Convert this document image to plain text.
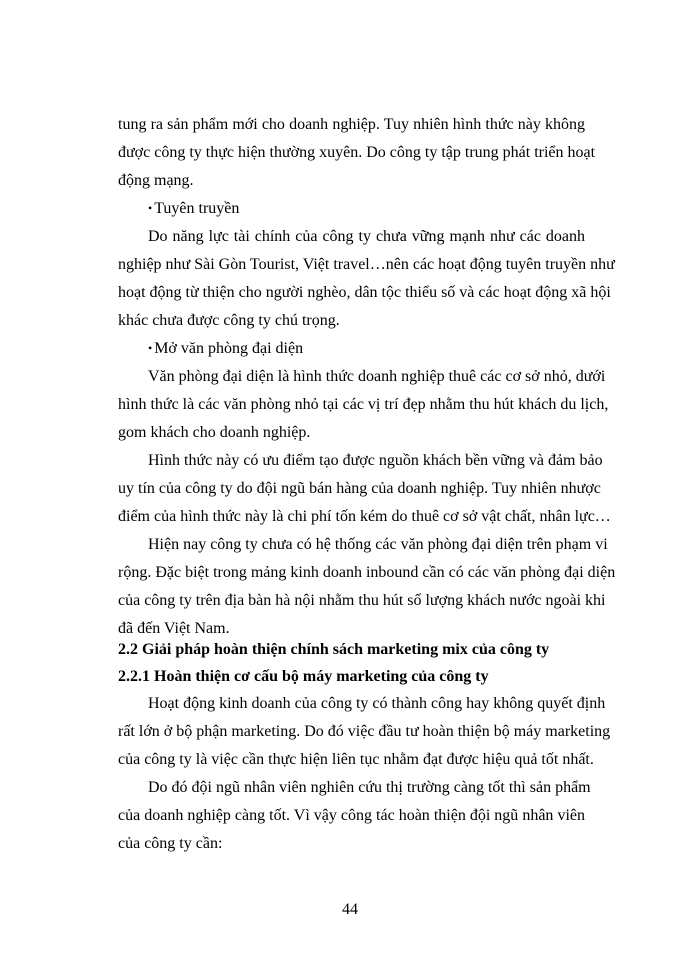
tung ra sản phẩm mới cho doanh nghiệp. Tuy nhiên hình thức này không
được công ty thực hiện thường xuyên. Do công ty tập trung phát triển hoạt
động mạng.
• Tuyên truyền
Do năng lực tài chính của công ty chưa vững mạnh như các doanh
nghiệp như Sài Gòn Tourist, Việt travel…nên các hoạt động tuyên truyền như
hoạt động từ thiện cho người nghèo, dân tộc thiểu số và các hoạt động xã hội
khác chưa được công ty chú trọng.
• Mở văn phòng đại diện
Văn phòng đại diện là hình thức doanh nghiệp thuê các cơ sở nhỏ, dưới
hình thức là các văn phòng nhỏ tại các vị trí đẹp nhằm thu hút khách du lịch,
gom khách cho doanh nghiệp.
Hình thức này có ưu điểm tạo được nguồn khách bền vững và đảm bảo
uy tín của công ty do đội ngũ bán hàng của doanh nghiệp. Tuy nhiên nhược
điểm của hình thức này là chi phí tốn kém do thuê cơ sở vật chất, nhân lực…
Hiện nay công ty chưa có hệ thống các văn phòng đại diện trên phạm vi
rộng. Đặc biệt trong mảng kinh doanh inbound cần có các văn phòng đại diện
của công ty trên địa bàn hà nội nhằm thu hút số lượng khách nước ngoài khi
đã đến Việt Nam.
2.2 Giải pháp hoàn thiện chính sách marketing mix của công ty
2.2.1 Hoàn thiện cơ cấu bộ máy marketing của công ty
Hoạt động kinh doanh của công ty có thành công hay không quyết định
rất lớn ở bộ phận marketing. Do đó việc đầu tư hoàn thiện bộ máy marketing
của công ty là việc cần thực hiện liên tục nhằm đạt được hiệu quả tốt nhất.
Do đó đội ngũ nhân viên nghiên cứu thị trường càng tốt thì sản phẩm
của doanh nghiệp càng tốt. Vì vậy công tác hoàn thiện đội ngũ nhân viên
của công ty cần:
44
